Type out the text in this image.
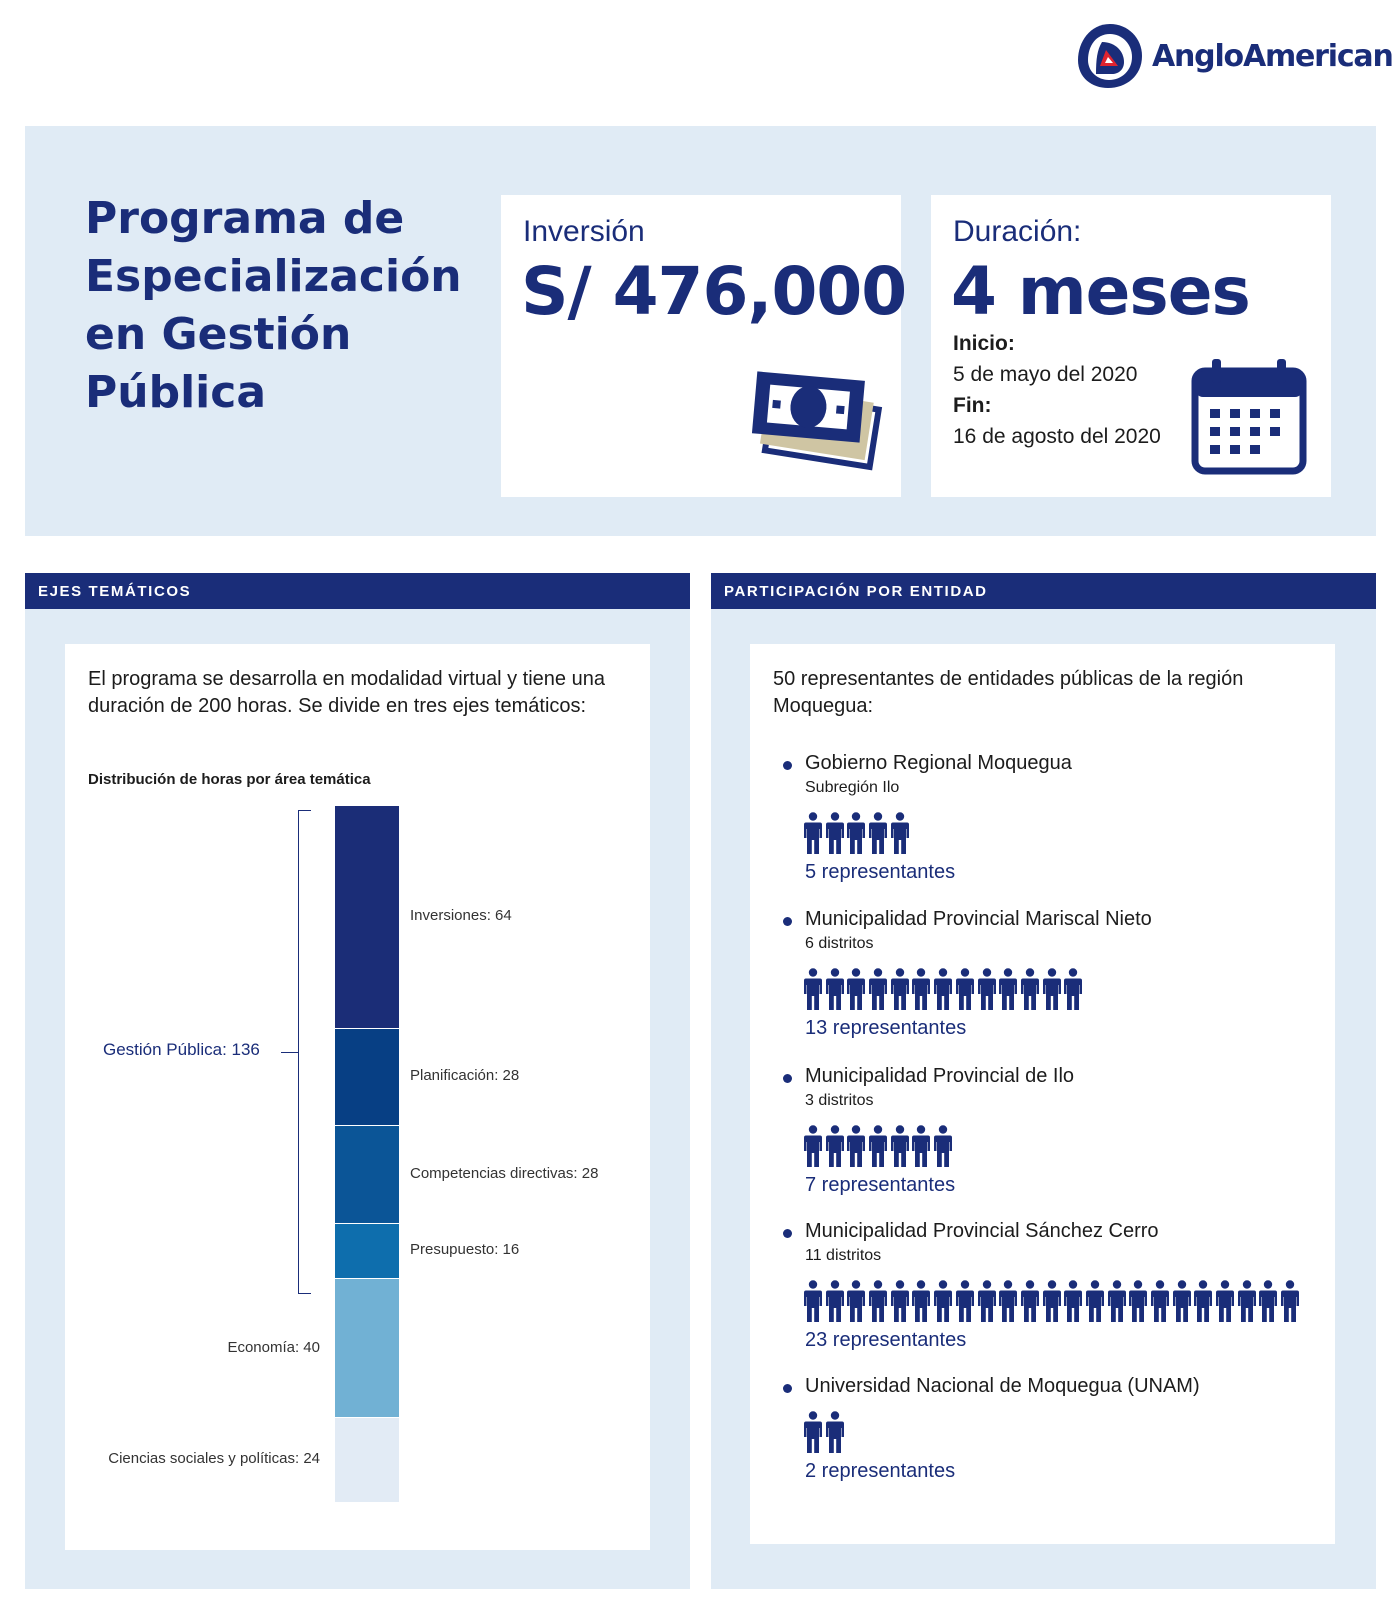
AngloAmerican
Programa de Especialización en Gestión Pública
Inversión
S/ 476,000
Duración:
4 meses
Inicio:
5 de mayo del 2020
Fin:
16 de agosto del 2020
EJES TEMÁTICOS
El programa se desarrolla en modalidad virtual y tiene una duración de 200 horas. Se divide en tres ejes temáticos:
Distribución de horas por área temática
Gestión Pública: 136
Inversiones: 64
Planificación: 28
Competencias directivas: 28
Presupuesto: 16
Economía: 40
Ciencias sociales y políticas: 24
PARTICIPACIÓN POR ENTIDAD
50 representantes de entidades públicas de la región Moquegua:
Gobierno Regional Moquegua
Subregión Ilo
5 representantes
Municipalidad Provincial Mariscal Nieto
6 distritos
13 representantes
Municipalidad Provincial de Ilo
3 distritos
7 representantes
Municipalidad Provincial Sánchez Cerro
11 distritos
23 representantes
Universidad Nacional de Moquegua (UNAM)
2 representantes
